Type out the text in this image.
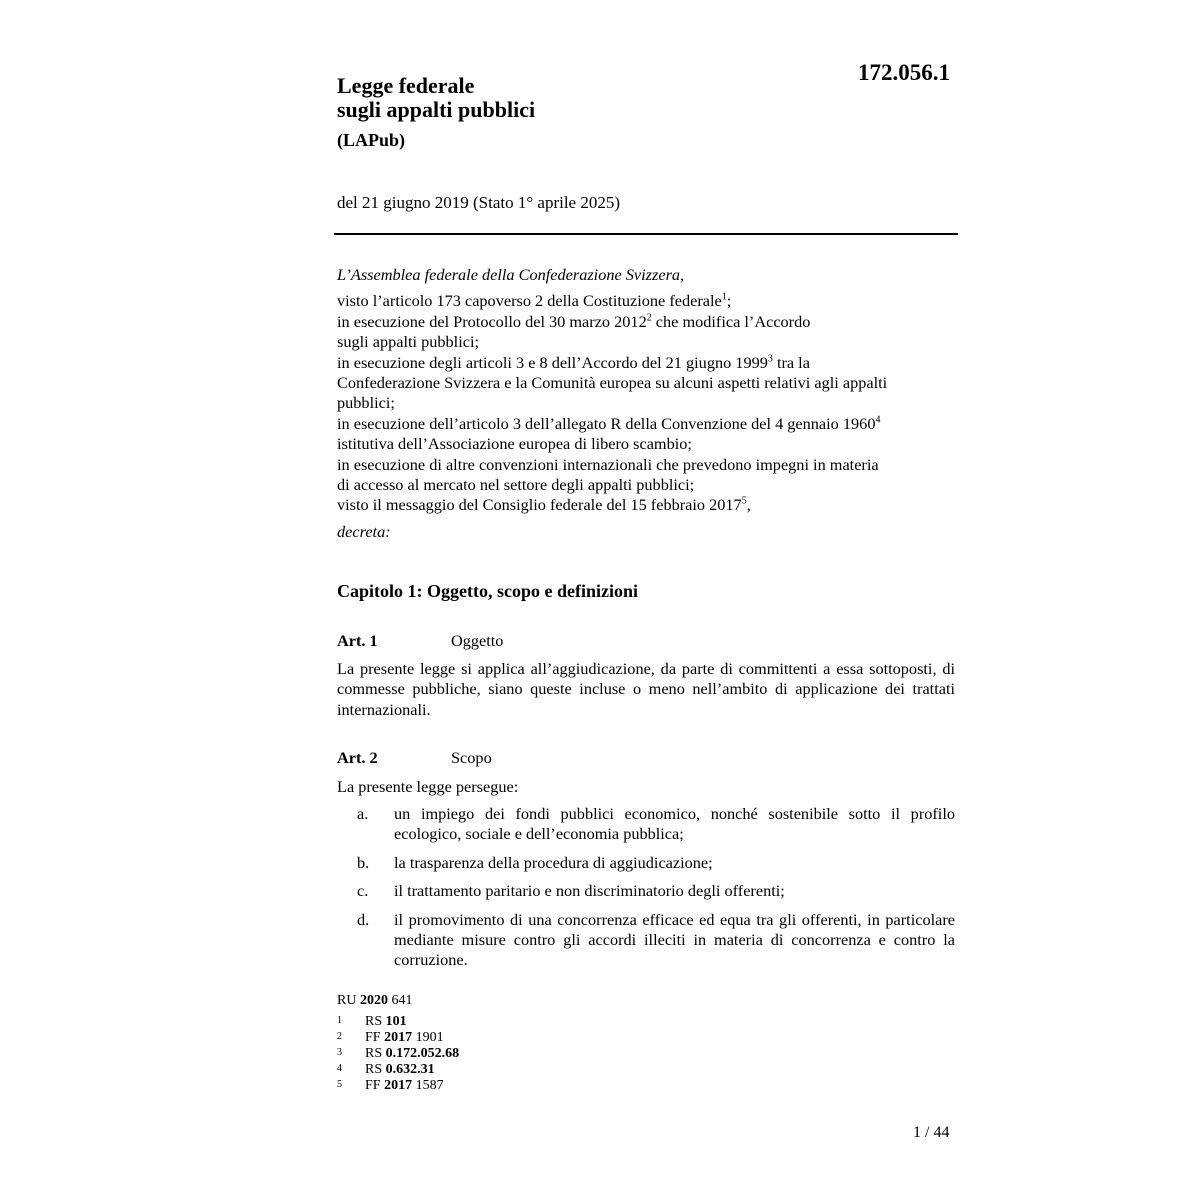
172.056.1
Legge federale
sugli appalti pubblici
(LAPub)
del 21 giugno 2019 (Stato 1° aprile 2025)
L’Assemblea federale della Confederazione Svizzera,
visto l’articolo 173 capoverso 2 della Costituzione federale$^1$;
in esecuzione del Protocollo del 30 marzo 2012$^2$ che modifica l’Accordo
sugli appalti pubblici;
in esecuzione degli articoli 3 e 8 dell’Accordo del 21 giugno 1999$^3$ tra la
Confederazione Svizzera e la Comunità europea su alcuni aspetti relativi agli appalti
pubblici;
in esecuzione dell’articolo 3 dell’allegato R della Convenzione del 4 gennaio 1960$^4$
istitutiva dell’Associazione europea di libero scambio;
in esecuzione di altre convenzioni internazionali che prevedono impegni in materia
di accesso al mercato nel settore degli appalti pubblici;
visto il messaggio del Consiglio federale del 15 febbraio 2017$^5$,
decreta:
Capitolo 1: Oggetto, scopo e definizioni
Art. 1	Oggetto
La presente legge si applica all’aggiudicazione, da parte di committenti a essa sottoposti, di commesse pubbliche, siano queste incluse o meno nell’ambito di applicazione dei trattati internazionali.
Art. 2	Scopo
La presente legge persegue:
a.	un impiego dei fondi pubblici economico, nonché sostenibile sotto il profilo ecologico, sociale e dell’economia pubblica;
b.	la trasparenza della procedura di aggiudicazione;
c.	il trattamento paritario e non discriminatorio degli offerenti;
d.	il promovimento di una concorrenza efficace ed equa tra gli offerenti, in particolare mediante misure contro gli accordi illeciti in materia di concorrenza e contro la corruzione.
RU 2020 641
1	RS 101
2	FF 2017 1901
3	RS 0.172.052.68
4	RS 0.632.31
5	FF 2017 1587
1 / 44
